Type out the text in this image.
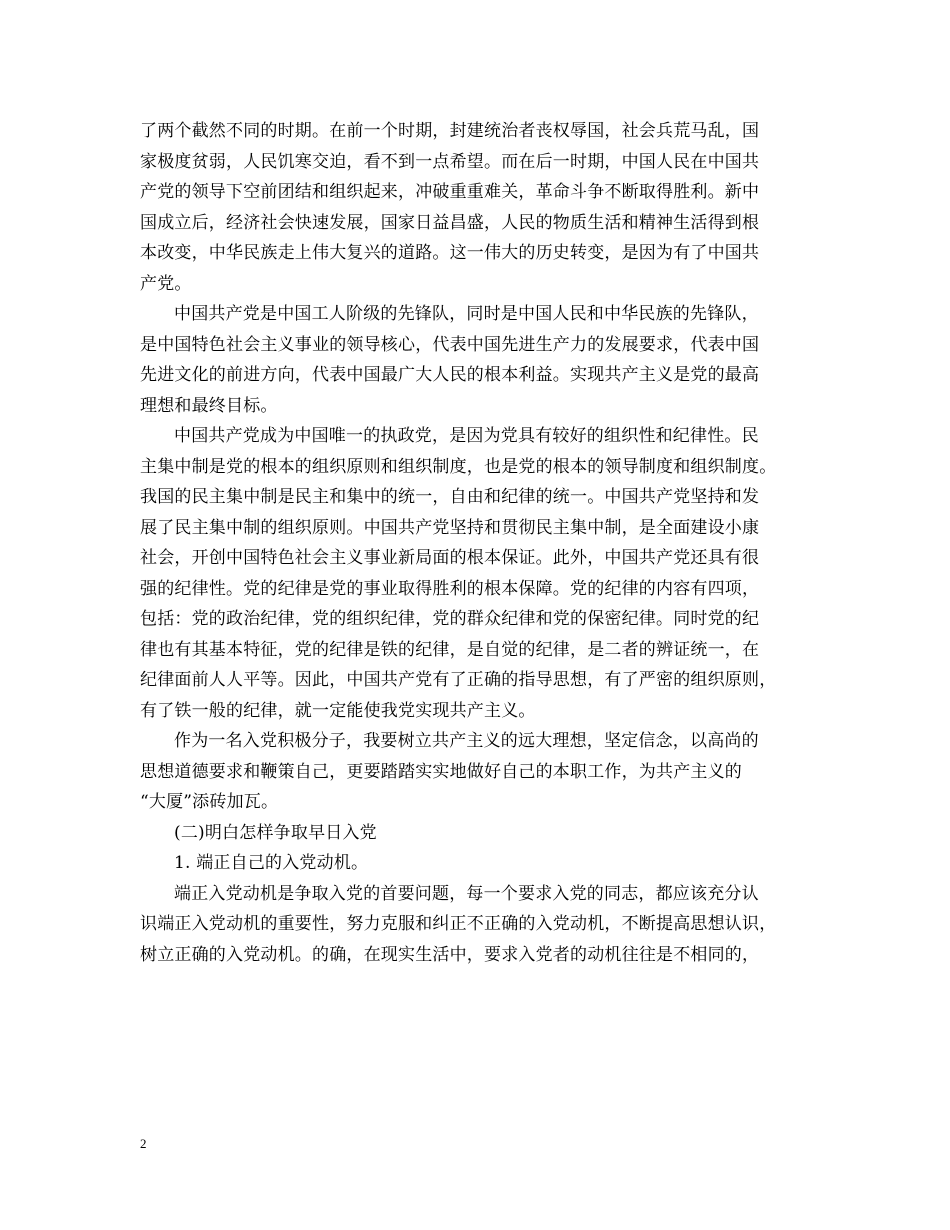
了两个截然不同的时期。在前一个时期，封建统治者丧权辱国，社会兵荒马乱，国
家极度贫弱，人民饥寒交迫，看不到一点希望。而在后一时期，中国人民在中国共
产党的领导下空前团结和组织起来，冲破重重难关，革命斗争不断取得胜利。新中
国成立后，经济社会快速发展，国家日益昌盛，人民的物质生活和精神生活得到根
本改变，中华民族走上伟大复兴的道路。这一伟大的历史转变，是因为有了中国共
产党。

中国共产党是中国工人阶级的先锋队，同时是中国人民和中华民族的先锋队，
是中国特色社会主义事业的领导核心，代表中国先进生产力的发展要求，代表中国
先进文化的前进方向，代表中国最广大人民的根本利益。实现共产主义是党的最高
理想和最终目标。

中国共产党成为中国唯一的执政党，是因为党具有较好的组织性和纪律性。民
主集中制是党的根本的组织原则和组织制度，也是党的根本的领导制度和组织制度。
我国的民主集中制是民主和集中的统一，自由和纪律的统一。中国共产党坚持和发
展了民主集中制的组织原则。中国共产党坚持和贯彻民主集中制，是全面建设小康
社会，开创中国特色社会主义事业新局面的根本保证。此外，中国共产党还具有很
强的纪律性。党的纪律是党的事业取得胜利的根本保障。党的纪律的内容有四项，
包括：党的政治纪律，党的组织纪律，党的群众纪律和党的保密纪律。同时党的纪
律也有其基本特征，党的纪律是铁的纪律，是自觉的纪律，是二者的辨证统一，在
纪律面前人人平等。因此，中国共产党有了正确的指导思想，有了严密的组织原则，
有了铁一般的纪律，就一定能使我党实现共产主义。

作为一名入党积极分子，我要树立共产主义的远大理想，坚定信念，以高尚的
思想道德要求和鞭策自己，更要踏踏实实地做好自己的本职工作，为共产主义的
“大厦”添砖加瓦。

(二)明白怎样争取早日入党

1. 端正自己的入党动机。

端正入党动机是争取入党的首要问题，每一个要求入党的同志，都应该充分认
识端正入党动机的重要性，努力克服和纠正不正确的入党动机，不断提高思想认识，
树立正确的入党动机。的确，在现实生活中，要求入党者的动机往往是不相同的，

2
